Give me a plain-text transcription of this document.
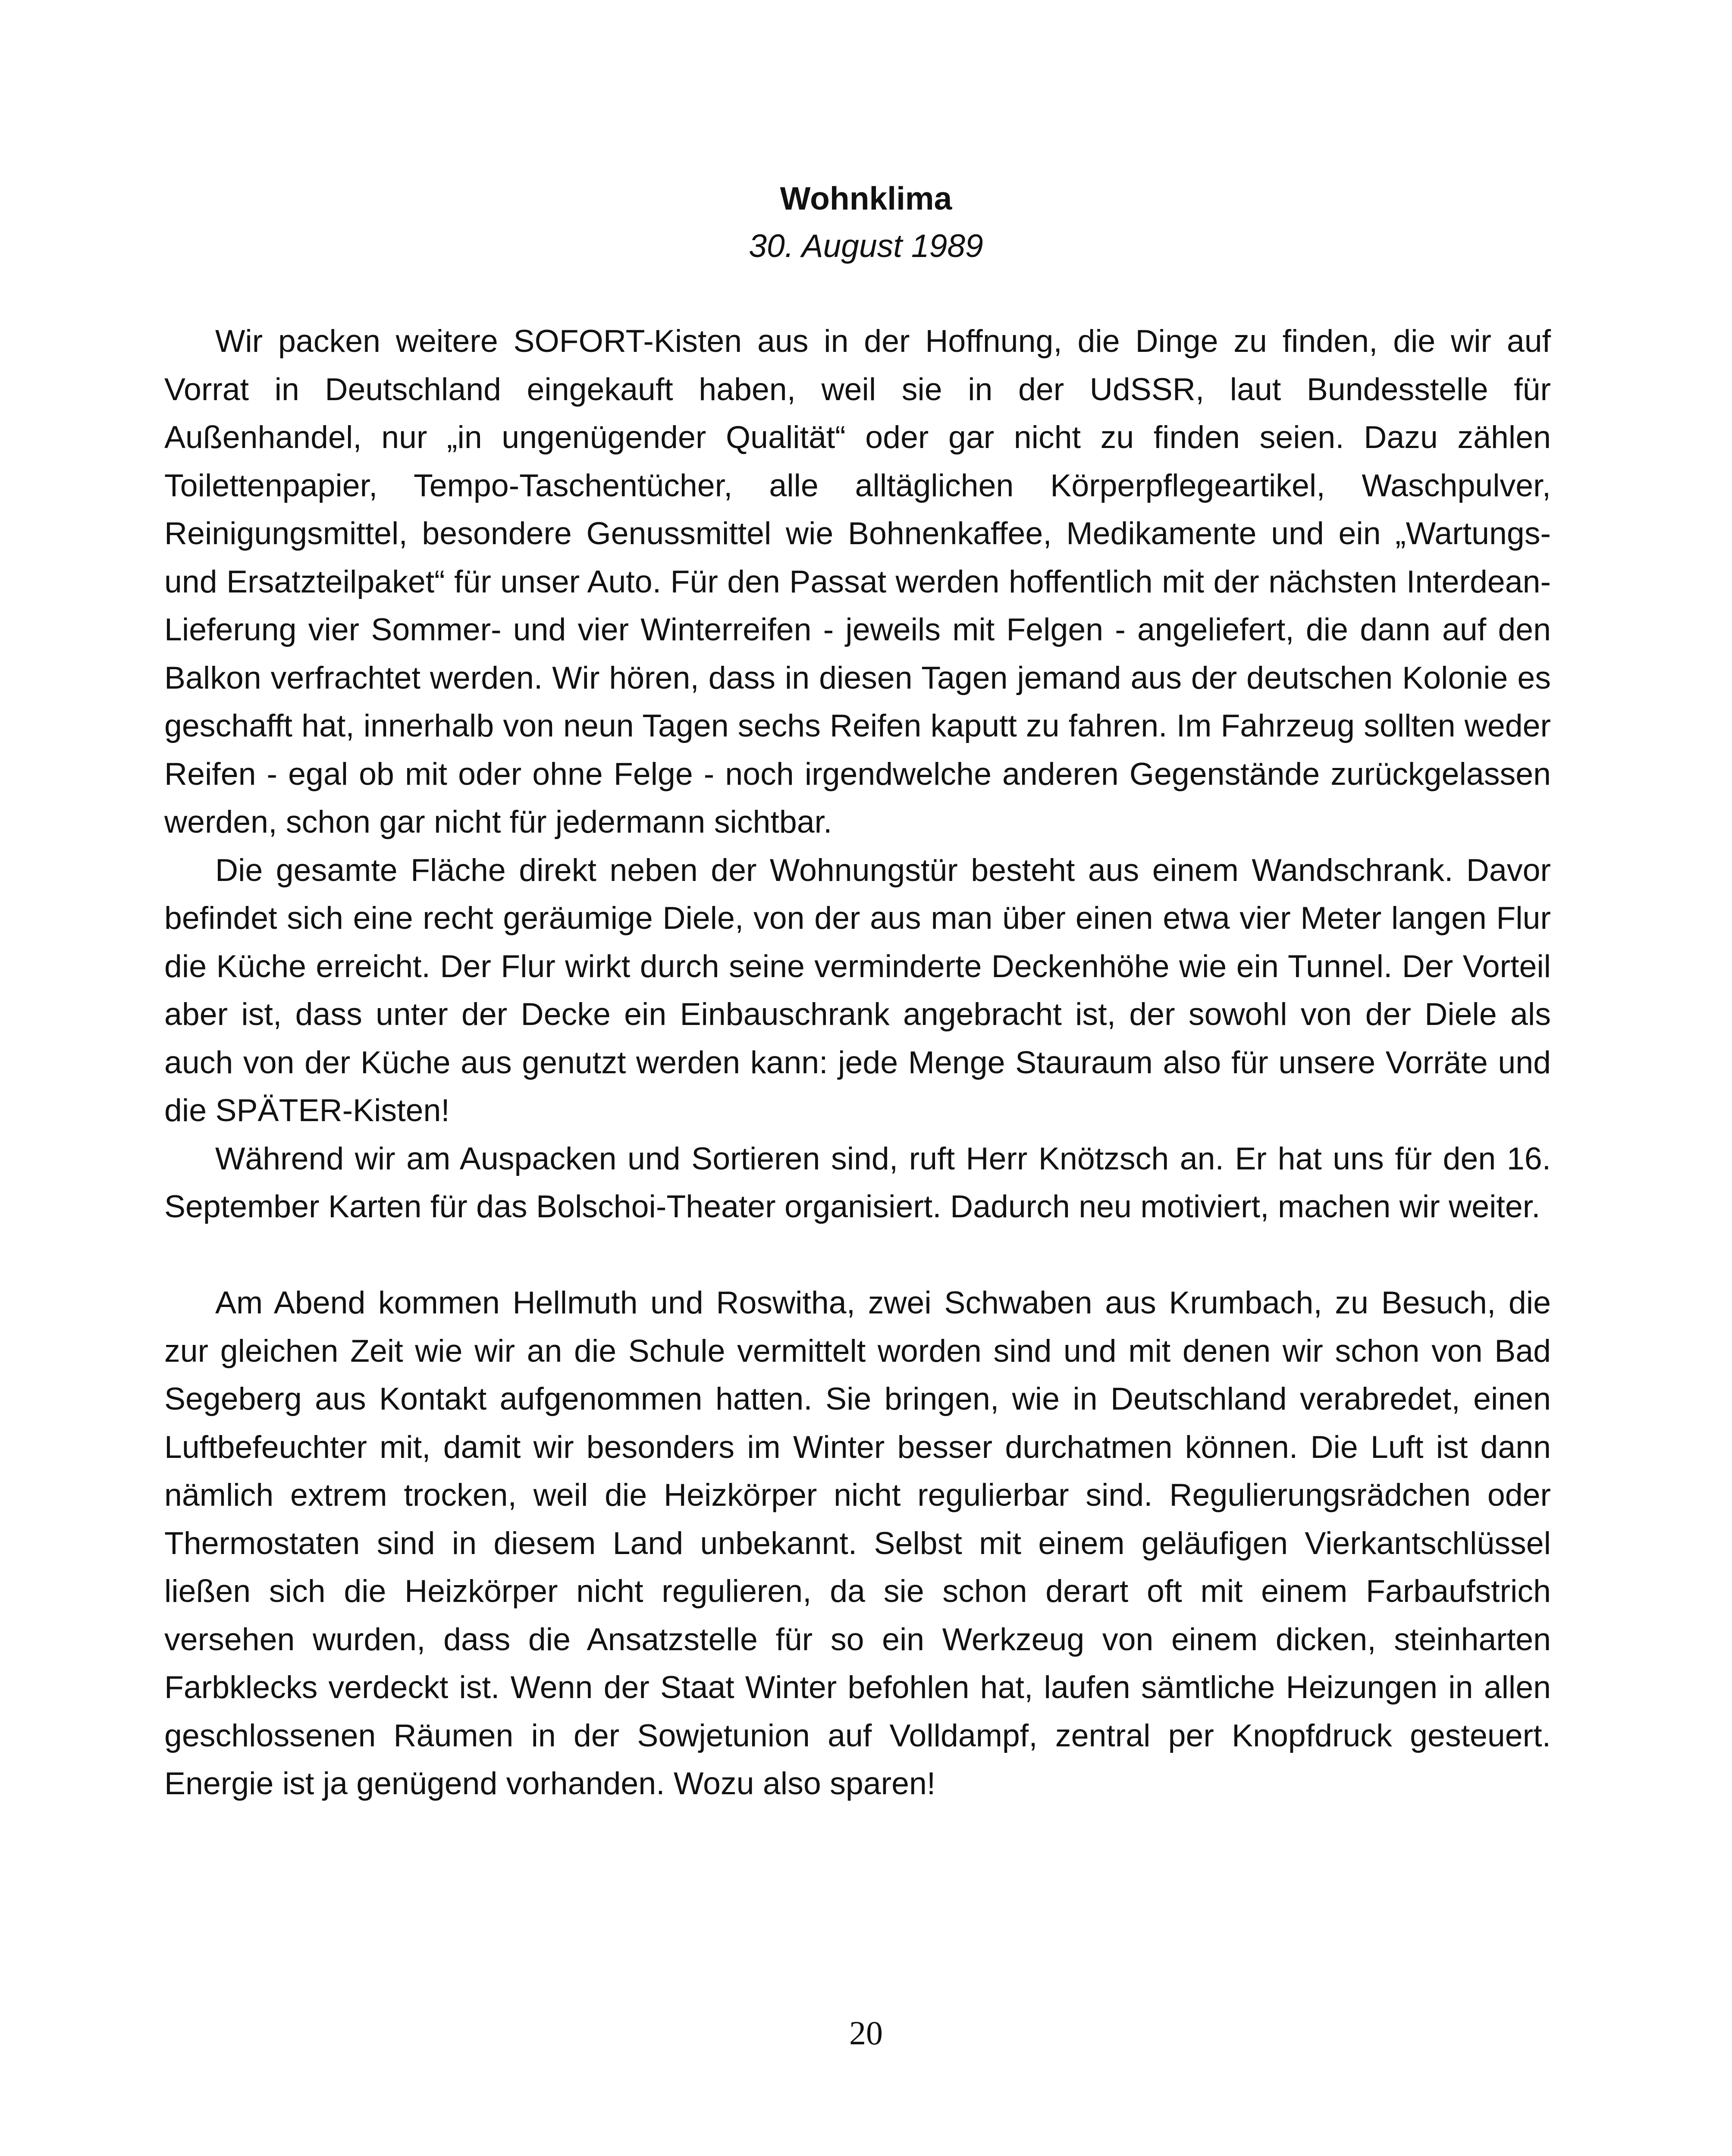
Wohnklima
30. August 1989

Wir packen weitere SOFORT-Kisten aus in der Hoffnung, die Dinge zu finden, die wir auf Vorrat in Deutschland eingekauft haben, weil sie in der UdSSR, laut Bundesstelle für Außenhandel, nur „in ungenügender Qualität“ oder gar nicht zu finden seien. Dazu zählen Toilettenpapier, Tempo-Taschentücher, alle alltäglichen Körperpflegeartikel, Waschpulver, Reinigungsmittel, besondere Genussmittel wie Bohnenkaffee, Medikamente und ein „Wartungs- und Ersatzteilpaket“ für unser Auto. Für den Passat werden hoffentlich mit der nächsten Interdean-Lieferung vier Sommer- und vier Winterreifen - jeweils mit Felgen - angeliefert, die dann auf den Balkon verfrachtet werden. Wir hören, dass in diesen Tagen jemand aus der deutschen Kolonie es geschafft hat, innerhalb von neun Tagen sechs Reifen kaputt zu fahren. Im Fahrzeug sollten weder Reifen - egal ob mit oder ohne Felge - noch irgendwelche anderen Gegenstände zurückgelassen werden, schon gar nicht für jedermann sichtbar.

Die gesamte Fläche direkt neben der Wohnungstür besteht aus einem Wandschrank. Davor befindet sich eine recht geräumige Diele, von der aus man über einen etwa vier Meter langen Flur die Küche erreicht. Der Flur wirkt durch seine verminderte Deckenhöhe wie ein Tunnel. Der Vorteil aber ist, dass unter der Decke ein Einbauschrank angebracht ist, der sowohl von der Diele als auch von der Küche aus genutzt werden kann: jede Menge Stauraum also für unsere Vorräte und die SPÄTER-Kisten!

Während wir am Auspacken und Sortieren sind, ruft Herr Knötzsch an. Er hat uns für den 16. September Karten für das Bolschoi-Theater organisiert. Dadurch neu motiviert, machen wir weiter.

Am Abend kommen Hellmuth und Roswitha, zwei Schwaben aus Krumbach, zu Besuch, die zur gleichen Zeit wie wir an die Schule vermittelt worden sind und mit denen wir schon von Bad Segeberg aus Kontakt aufgenommen hatten. Sie bringen, wie in Deutschland verabredet, einen Luftbefeuchter mit, damit wir besonders im Winter besser durchatmen können. Die Luft ist dann nämlich extrem trocken, weil die Heizkörper nicht regulierbar sind. Regulierungsrädchen oder Thermostaten sind in diesem Land unbekannt. Selbst mit einem geläufigen Vierkantschlüssel ließen sich die Heizkörper nicht regulieren, da sie schon derart oft mit einem Farbaufstrich versehen wurden, dass die Ansatzstelle für so ein Werkzeug von einem dicken, steinharten Farbklecks verdeckt ist. Wenn der Staat Winter befohlen hat, laufen sämtliche Heizungen in allen geschlossenen Räumen in der Sowjetunion auf Volldampf, zentral per Knopfdruck gesteuert. Energie ist ja genügend vorhanden. Wozu also sparen!

20
